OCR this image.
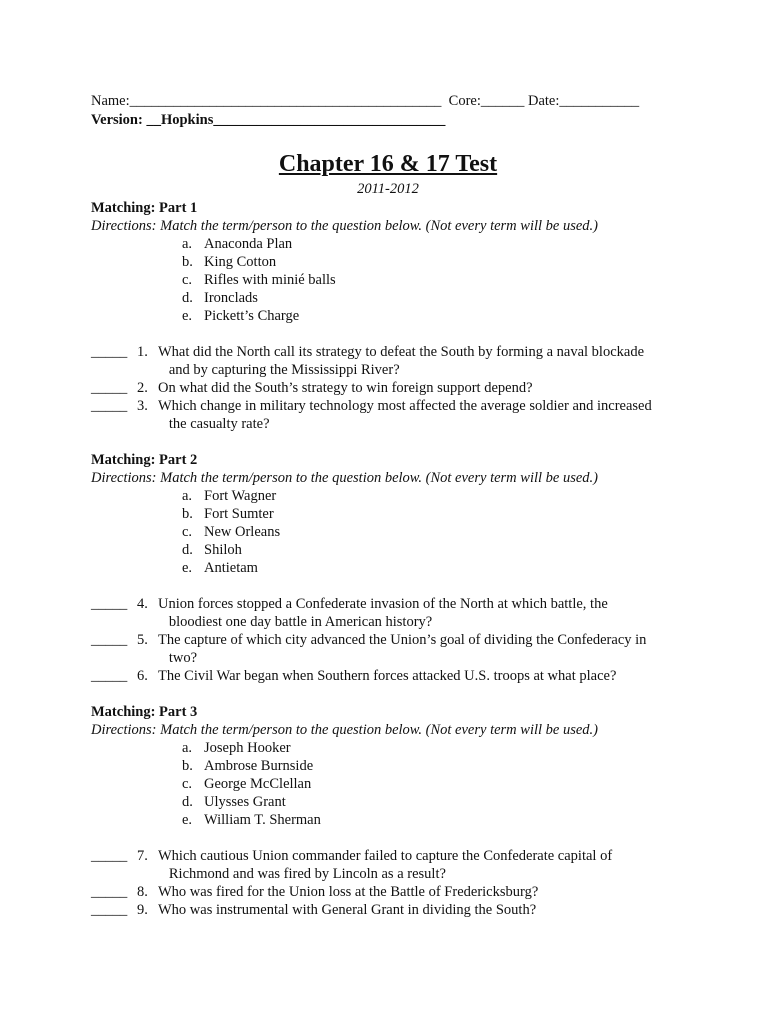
Name:___________________________________________  Core:______ Date:___________
Version: __Hopkins________________________________
Chapter 16 & 17 Test
2011-2012
Matching: Part 1
Directions: Match the term/person to the question below. (Not every term will be used.)
a. Anaconda Plan
b. King Cotton
c. Rifles with minié balls
d. Ironclads
e. Pickett’s Charge
_____ 1. What did the North call its strategy to defeat the South by forming a naval blockade
and by capturing the Mississippi River?
_____ 2. On what did the South’s strategy to win foreign support depend?
_____ 3. Which change in military technology most affected the average soldier and increased
the casualty rate?
Matching: Part 2
Directions: Match the term/person to the question below. (Not every term will be used.)
a. Fort Wagner
b. Fort Sumter
c. New Orleans
d. Shiloh
e. Antietam
_____ 4. Union forces stopped a Confederate invasion of the North at which battle, the
bloodiest one day battle in American history?
_____ 5. The capture of which city advanced the Union’s goal of dividing the Confederacy in
two?
_____ 6. The Civil War began when Southern forces attacked U.S. troops at what place?
Matching: Part 3
Directions: Match the term/person to the question below. (Not every term will be used.)
a. Joseph Hooker
b. Ambrose Burnside
c. George McClellan
d. Ulysses Grant
e. William T. Sherman
_____ 7. Which cautious Union commander failed to capture the Confederate capital of
Richmond and was fired by Lincoln as a result?
_____ 8. Who was fired for the Union loss at the Battle of Fredericksburg?
_____ 9. Who was instrumental with General Grant in dividing the South?
